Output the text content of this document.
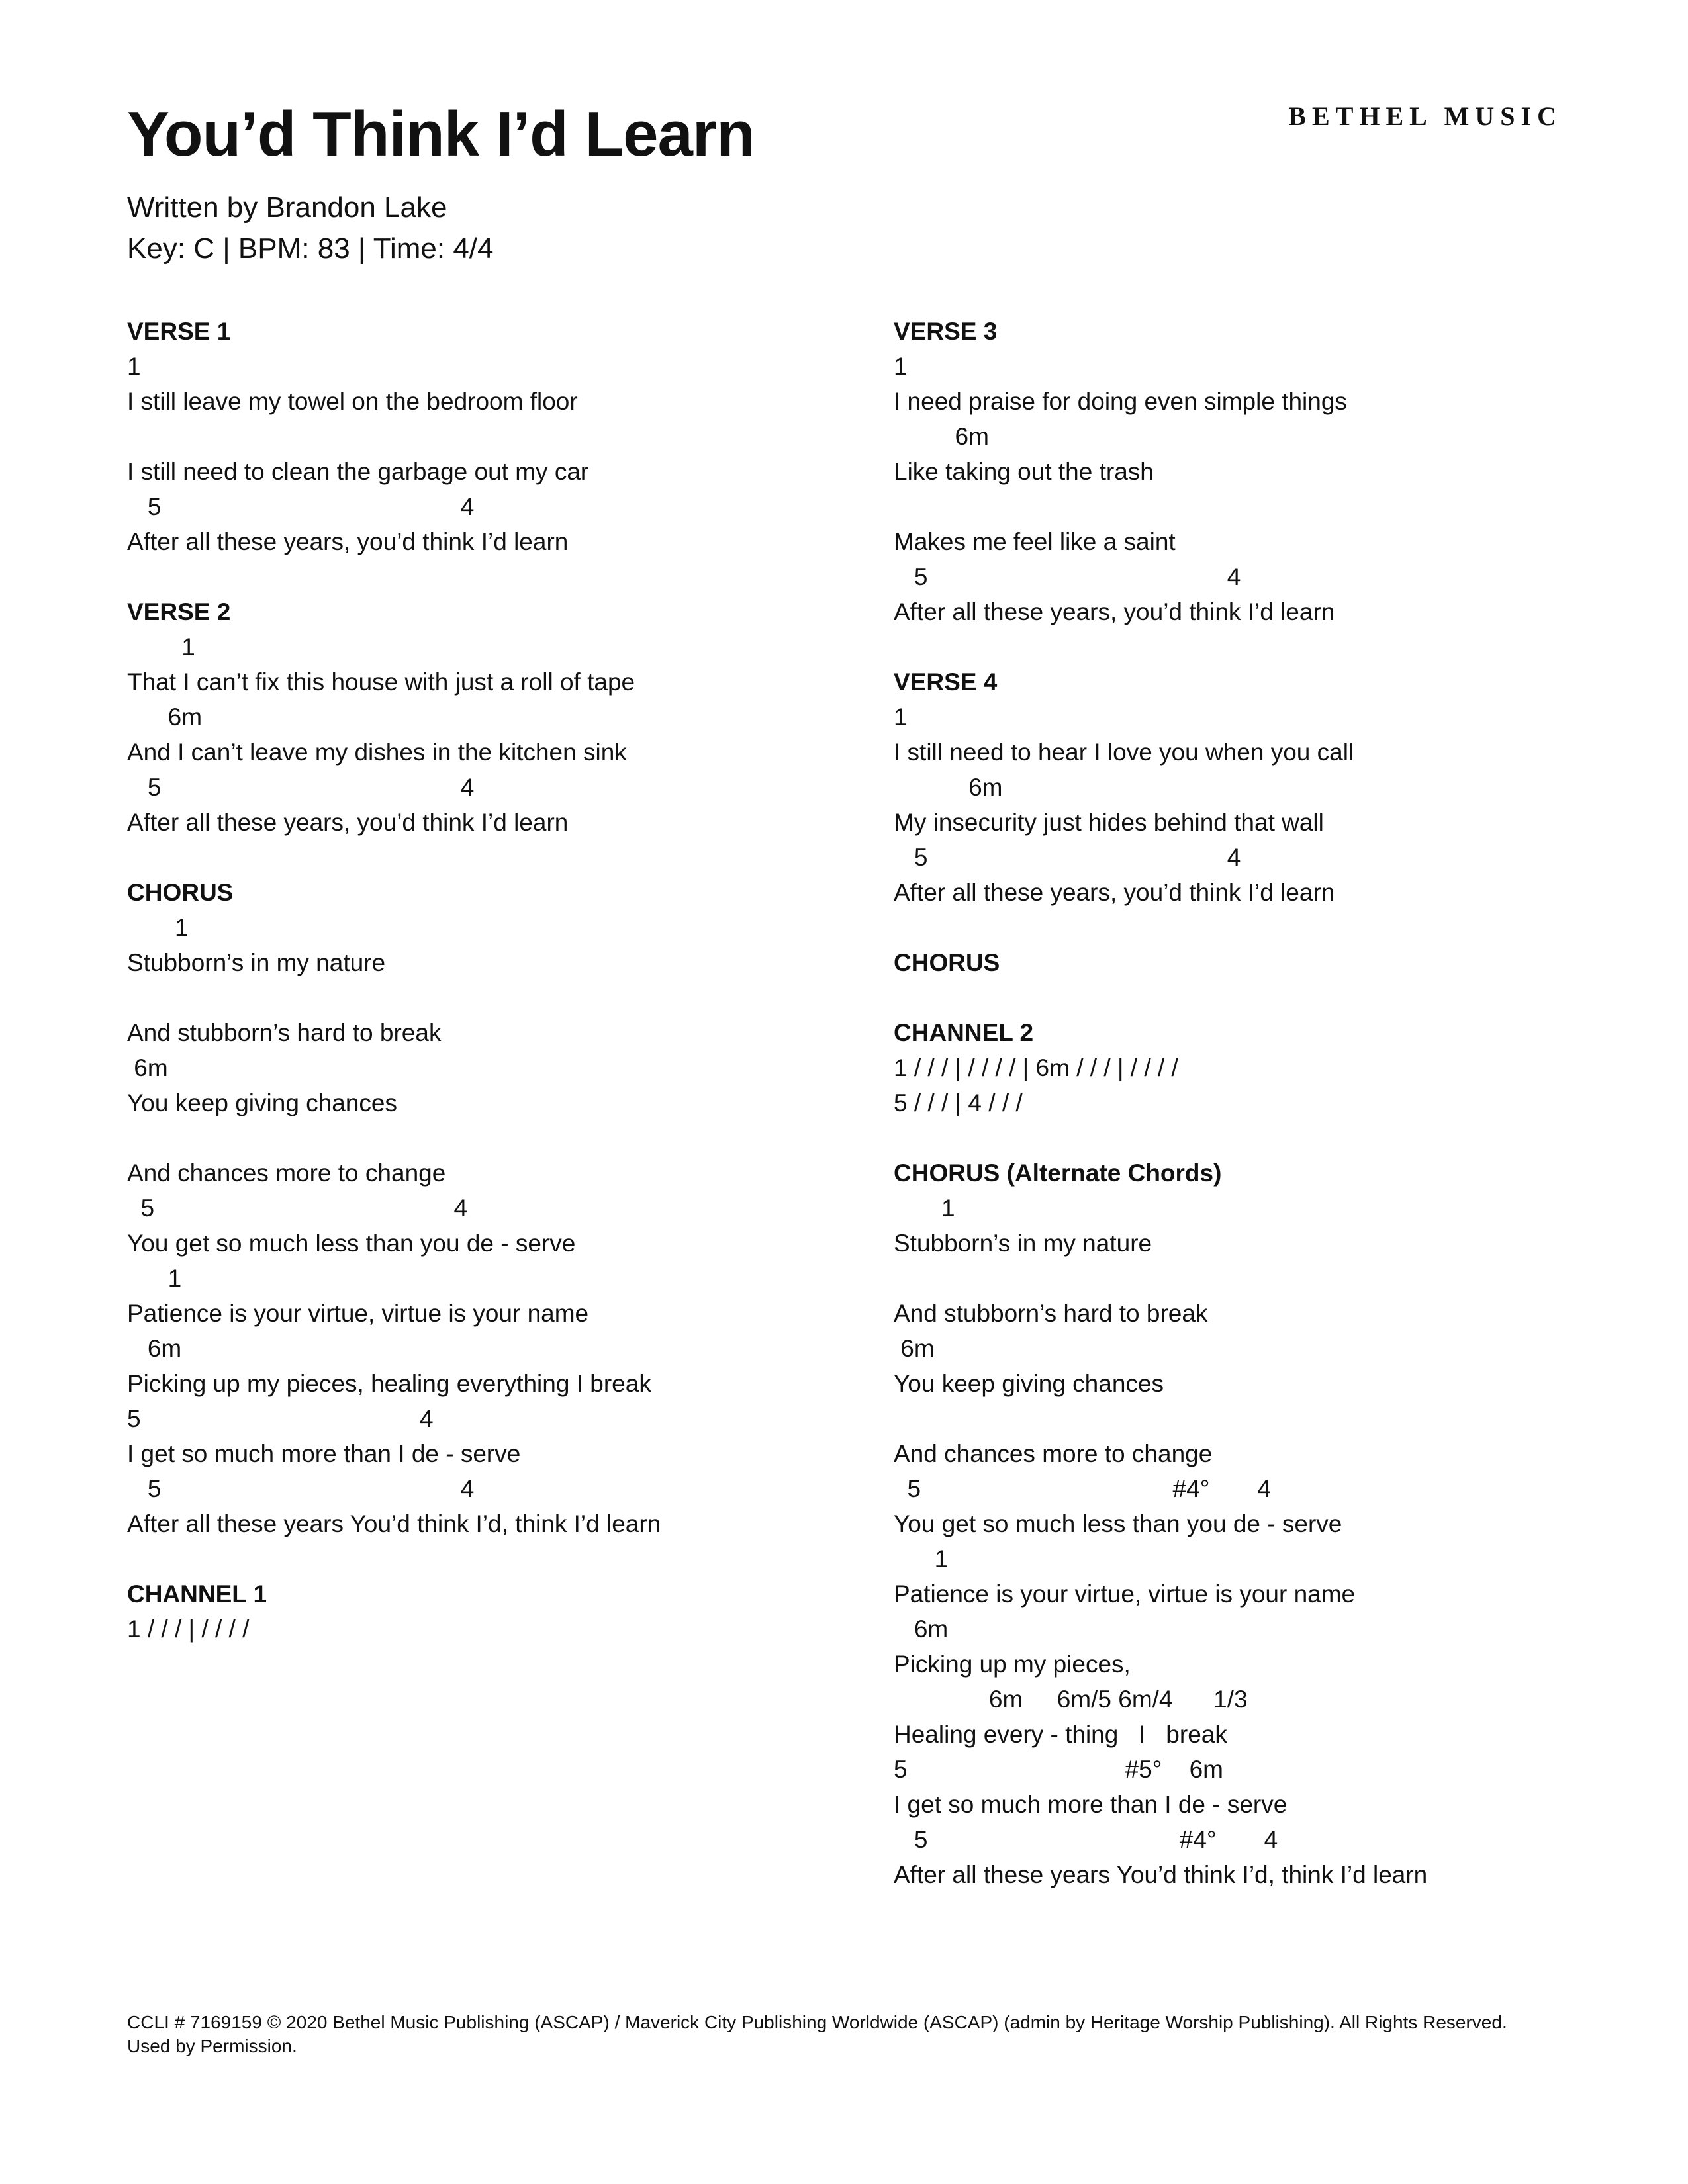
You’d Think I’d Learn	BETHEL MUSIC
Written by Brandon Lake
Key: C | BPM: 83 | Time: 4/4
VERSE 1
1
I still leave my towel on the bedroom floor
I still need to clean the garbage out my car
5                                            4
After all these years, you’d think I’d learn
VERSE 2
1
That I can’t fix this house with just a roll of tape
6m
And I can’t leave my dishes in the kitchen sink
5                                            4
After all these years, you’d think I’d learn
CHORUS
1
Stubborn’s in my nature
And stubborn’s hard to break
6m
You keep giving chances
And chances more to change
5                                            4
You get so much less than you de - serve
1
Patience is your virtue, virtue is your name
6m
Picking up my pieces, healing everything I break
5                                         4
I get so much more than I de - serve
5                                            4
After all these years You’d think I’d, think I’d learn
CHANNEL 1
1 / / / | / / / /
VERSE 3
1
I need praise for doing even simple things
6m
Like taking out the trash
Makes me feel like a saint
5                                            4
After all these years, you’d think I’d learn
VERSE 4
1
I still need to hear I love you when you call
6m
My insecurity just hides behind that wall
5                                            4
After all these years, you’d think I’d learn
CHORUS
CHANNEL 2
1 / / / | / / / / | 6m / / / | / / / /
5 / / / | 4 / / /
CHORUS (Alternate Chords)
1
Stubborn’s in my nature
And stubborn’s hard to break
6m
You keep giving chances
And chances more to change
5                                     #4°       4
You get so much less than you de - serve
1
Patience is your virtue, virtue is your name
6m
Picking up my pieces,
6m     6m/5 6m/4      1/3
Healing every - thing   I   break
5                                #5°    6m
I get so much more than I de - serve
5                                     #4°       4
After all these years You’d think I’d, think I’d learn
CCLI # 7169159 © 2020 Bethel Music Publishing (ASCAP) / Maverick City Publishing Worldwide (ASCAP) (admin by Heritage Worship Publishing). All Rights Reserved.
Used by Permission.
